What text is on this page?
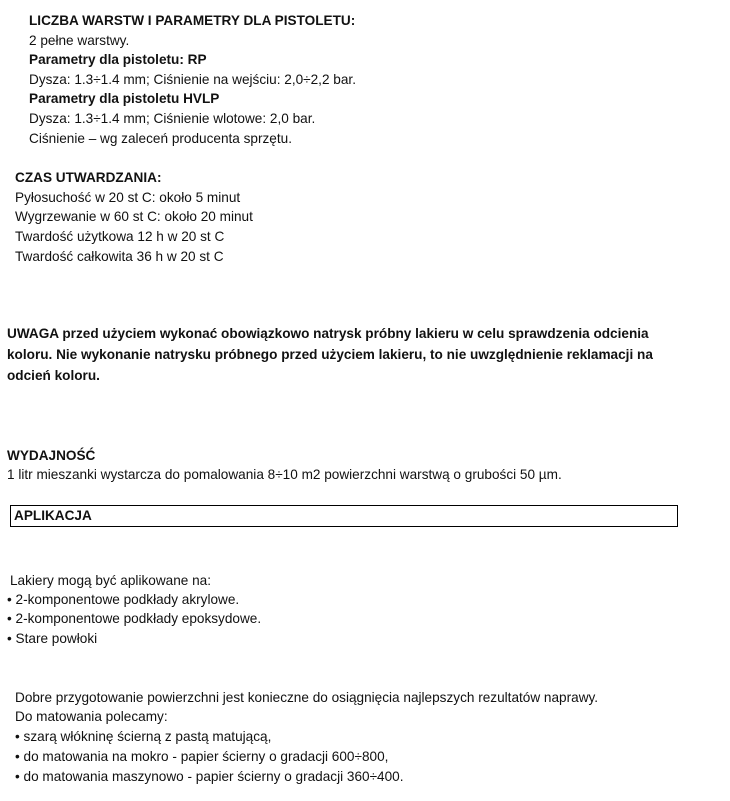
LICZBA WARSTW I PARAMETRY DLA PISTOLETU:
2 pełne warstwy.
Parametry dla pistoletu: RP
Dysza: 1.3÷1.4 mm; Ciśnienie na wejściu: 2,0÷2,2 bar.
Parametry dla pistoletu HVLP
Dysza: 1.3÷1.4 mm; Ciśnienie wlotowe: 2,0 bar.
Ciśnienie – wg zaleceń producenta sprzętu.
CZAS UTWARDZANIA:
Pyłosuchość w 20 st C: około 5 minut
Wygrzewanie w 60 st C: około 20 minut
Twardość użytkowa 12 h w 20 st C
Twardość całkowita 36 h w 20 st C
UWAGA przed użyciem wykonać obowiązkowo natrysk próbny lakieru w celu sprawdzenia odcienia koloru. Nie wykonanie natrysku próbnego przed użyciem lakieru, to nie uwzględnienie reklamacji na odcień koloru.
WYDAJNOŚĆ
1 litr mieszanki wystarcza do pomalowania 8÷10 m2 powierzchni warstwą o grubości 50 µm.
APLIKACJA
Lakiery mogą być aplikowane na:
• 2-komponentowe podkłady akrylowe.
• 2-komponentowe podkłady epoksydowe.
• Stare powłoki
Dobre przygotowanie powierzchni jest konieczne do osiągnięcia najlepszych rezultatów naprawy.
Do matowania polecamy:
• szarą włókninę ścierną z pastą matującą,
• do matowania na mokro - papier ścierny o gradacji 600÷800,
• do matowania maszynowo - papier ścierny o gradacji 360÷400.
